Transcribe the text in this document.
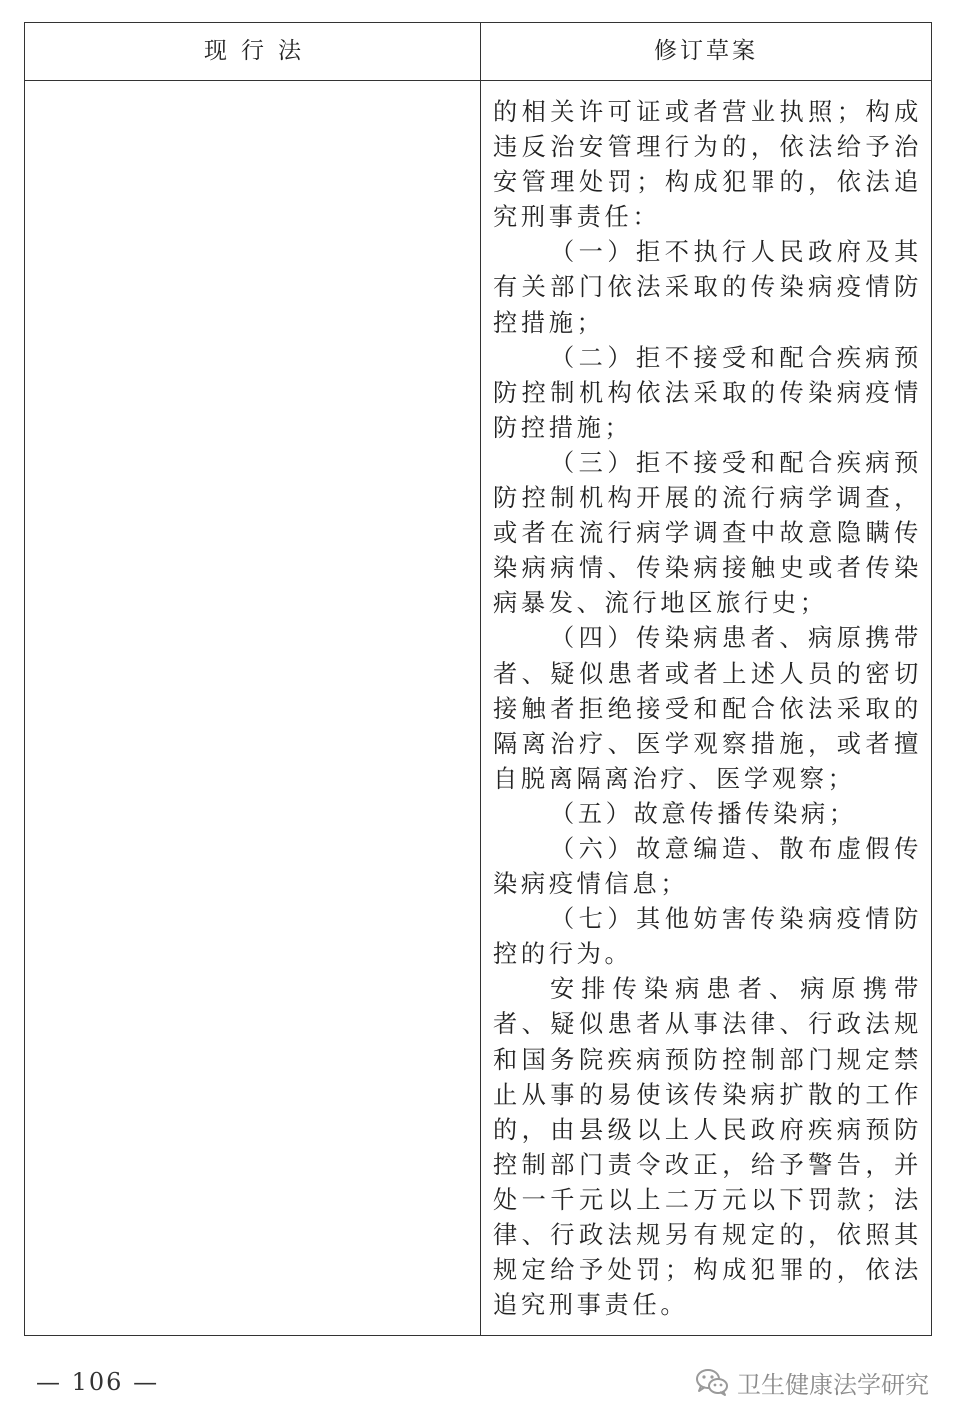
现行法	修订草案

的相关许可证或者营业执照；构成违反治安管理行为的，依法给予治安管理处罚；构成犯罪的，依法追究刑事责任：

（一）拒不执行人民政府及其有关部门依法采取的传染病疫情防控措施；

（二）拒不接受和配合疾病预防控制机构依法采取的传染病疫情防控措施；

（三）拒不接受和配合疾病预防控制机构开展的流行病学调查，或者在流行病学调查中故意隐瞒传染病病情、传染病接触史或者传染病暴发、流行地区旅行史；

（四）传染病患者、病原携带者、疑似患者或者上述人员的密切接触者拒绝接受和配合依法采取的隔离治疗、医学观察措施，或者擅自脱离隔离治疗、医学观察；

（五）故意传播传染病；

（六）故意编造、散布虚假传染病疫情信息；

（七）其他妨害传染病疫情防控的行为。

安排传染病患者、病原携带者、疑似患者从事法律、行政法规和国务院疾病预防控制部门规定禁止从事的易使该传染病扩散的工作的，由县级以上人民政府疾病预防控制部门责令改正，给予警告，并处一千元以上二万元以下罚款；法律、行政法规另有规定的，依照其规定给予处罚；构成犯罪的，依法追究刑事责任。

— 106 —	卫生健康法学研究
